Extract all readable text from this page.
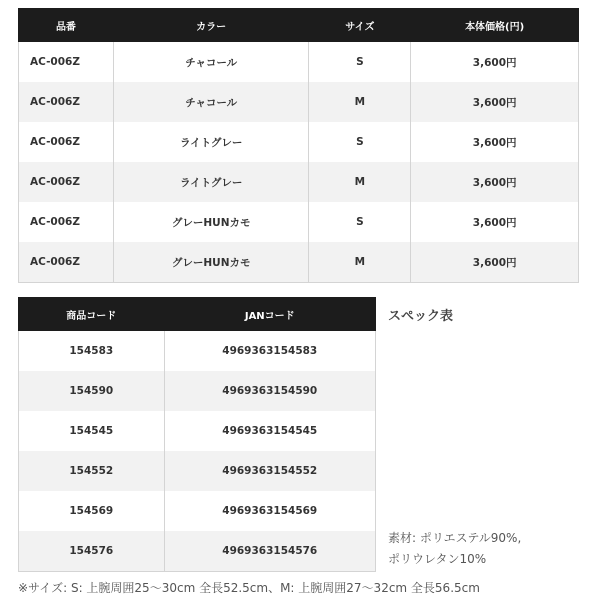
品番	カラー	サイズ	本体価格(円)
AC-006Z	チャコール	S	3,600円
AC-006Z	チャコール	M	3,600円
AC-006Z	ライトグレー	S	3,600円
AC-006Z	ライトグレー	M	3,600円
AC-006Z	グレーHUNカモ	S	3,600円
AC-006Z	グレーHUNカモ	M	3,600円
商品コード	JANコード
154583	4969363154583
154590	4969363154590
154545	4969363154545
154552	4969363154552
154569	4969363154569
154576	4969363154576
スペック表
素材: ポリエステル90%,
ポリウレタン10%
※サイズ: S: 上腕周囲25〜30cm 全長52.5cm、M: 上腕周囲27〜32cm 全長56.5cm
